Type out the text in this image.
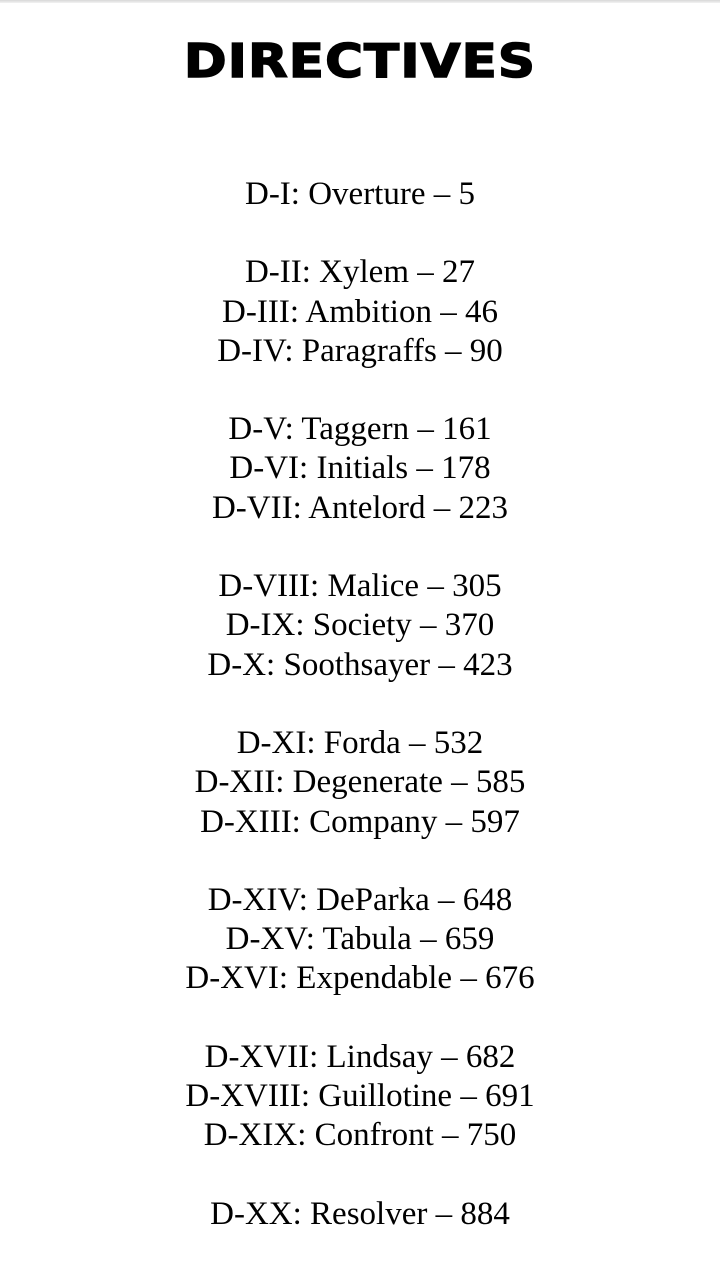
DIRECTIVES
D-I: Overture – 5
D-II: Xylem – 27
D-III: Ambition – 46
D-IV: Paragraffs – 90
D-V: Taggern – 161
D-VI: Initials – 178
D-VII: Antelord – 223
D-VIII: Malice – 305
D-IX: Society – 370
D-X: Soothsayer – 423
D-XI: Forda – 532
D-XII: Degenerate – 585
D-XIII: Company – 597
D-XIV: DeParka – 648
D-XV: Tabula – 659
D-XVI: Expendable – 676
D-XVII: Lindsay – 682
D-XVIII: Guillotine – 691
D-XIX: Confront – 750
D-XX: Resolver – 884
